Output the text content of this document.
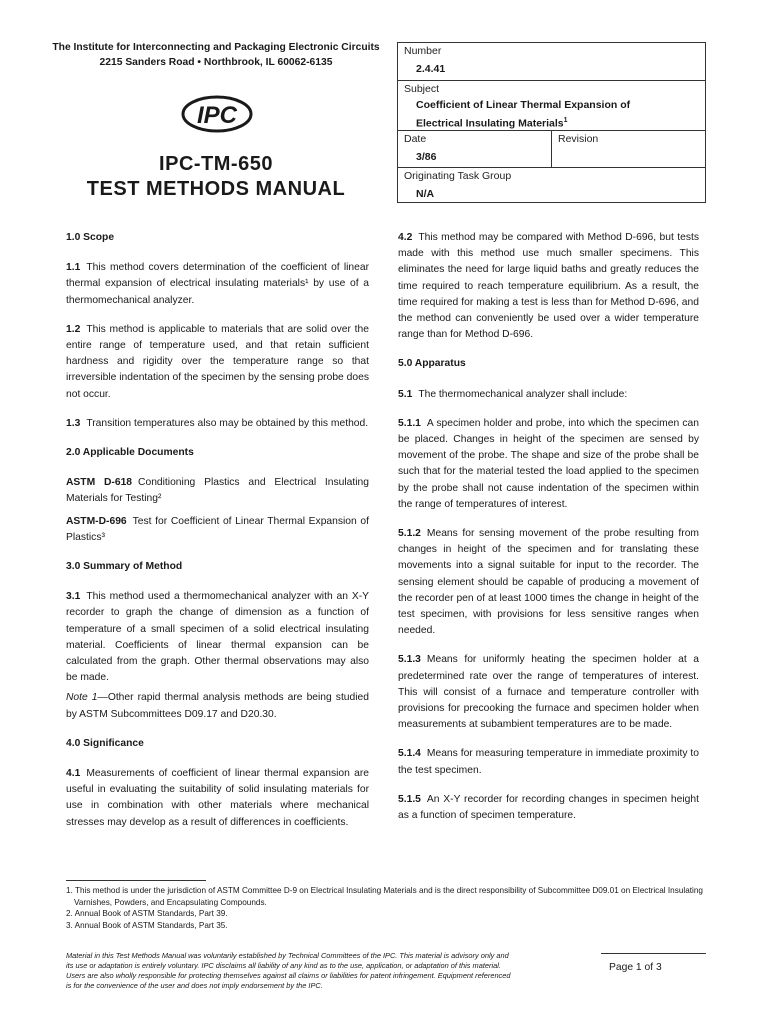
The Institute for Interconnecting and Packaging Electronic Circuits
2215 Sanders Road • Northbrook, IL 60062-6135
IPC
IPC-TM-650
TEST METHODS MANUAL
Number
2.4.41
Subject
Coefficient of Linear Thermal Expansion of
Electrical Insulating Materials$^1$
Date
3/86
Revision
Originating Task Group
N/A
1.0 Scope

1.1 This method covers determination of the coefficient of linear thermal expansion of electrical insulating materials¹ by use of a thermomechanical analyzer.

1.2 This method is applicable to materials that are solid over the entire range of temperature used, and that retain sufficient hardness and rigidity over the temperature range so that irreversible indentation of the specimen by the sensing probe does not occur.

1.3 Transition temperatures also may be obtained by this method.

2.0 Applicable Documents

ASTM D-618 Conditioning Plastics and Electrical Insulating Materials for Testing²

ASTM-D-696 Test for Coefficient of Linear Thermal Expansion of Plastics³

3.0 Summary of Method

3.1 This method used a thermomechanical analyzer with an X-Y recorder to graph the change of dimension as a function of temperature of a small specimen of a solid electrical insulating material. Coefficients of linear thermal expansion can be calculated from the graph. Other thermal observations may also be made.

Note 1—Other rapid thermal analysis methods are being studied by ASTM Subcommittees D09.17 and D20.30.

4.0 Significance

4.1 Measurements of coefficient of linear thermal expansion are useful in evaluating the suitability of solid insulating materials for use in combination with other materials where mechanical stresses may develop as a result of differences in coefficients.

4.2 This method may be compared with Method D-696, but tests made with this method use much smaller specimens. This eliminates the need for large liquid baths and greatly reduces the time required to reach temperature equilibrium. As a result, the time required for making a test is less than for Method D-696, and the method can conveniently be used over a wider temperature range than for Method D-696.

5.0 Apparatus

5.1 The thermomechanical analyzer shall include:

5.1.1 A specimen holder and probe, into which the specimen can be placed. Changes in height of the specimen are sensed by movement of the probe. The shape and size of the probe shall be such that for the material tested the load applied to the specimen by the probe shall not cause indentation of the specimen within the range of temperatures of interest.

5.1.2 Means for sensing movement of the probe resulting from changes in height of the specimen and for translating these movements into a signal suitable for input to the recorder. The sensing element should be capable of producing a movement of the recorder pen of at least 1000 times the change in height of the test specimen, with provisions for less sensitive ranges when needed.

5.1.3 Means for uniformly heating the specimen holder at a predetermined rate over the range of temperatures of interest. This will consist of a furnace and temperature controller with provisions for precooking the furnace and specimen holder when measurements at subambient temperatures are to be made.

5.1.4 Means for measuring temperature in immediate proximity to the test specimen.

5.1.5 An X-Y recorder for recording changes in specimen height as a function of specimen temperature.

1. This method is under the jurisdiction of ASTM Committee D-9 on Electrical Insulating Materials and is the direct responsibility of Subcommittee D09.01 on Electrical Insulating Varnishes, Powders, and Encapsulating Compounds.
2. Annual Book of ASTM Standards, Part 39.
3. Annual Book of ASTM Standards, Part 35.
Material in this Test Methods Manual was voluntarily established by Technical Committees of the IPC. This material is advisory only and its use or adaptation is entirely voluntary. IPC disclaims all liability of any kind as to the use, application, or adaptation of this material. Users are also wholly responsible for protecting themselves against all claims or liabilities for patent infringement. Equipment referenced is for the convenience of the user and does not imply endorsement by the IPC.
Page 1 of 3
